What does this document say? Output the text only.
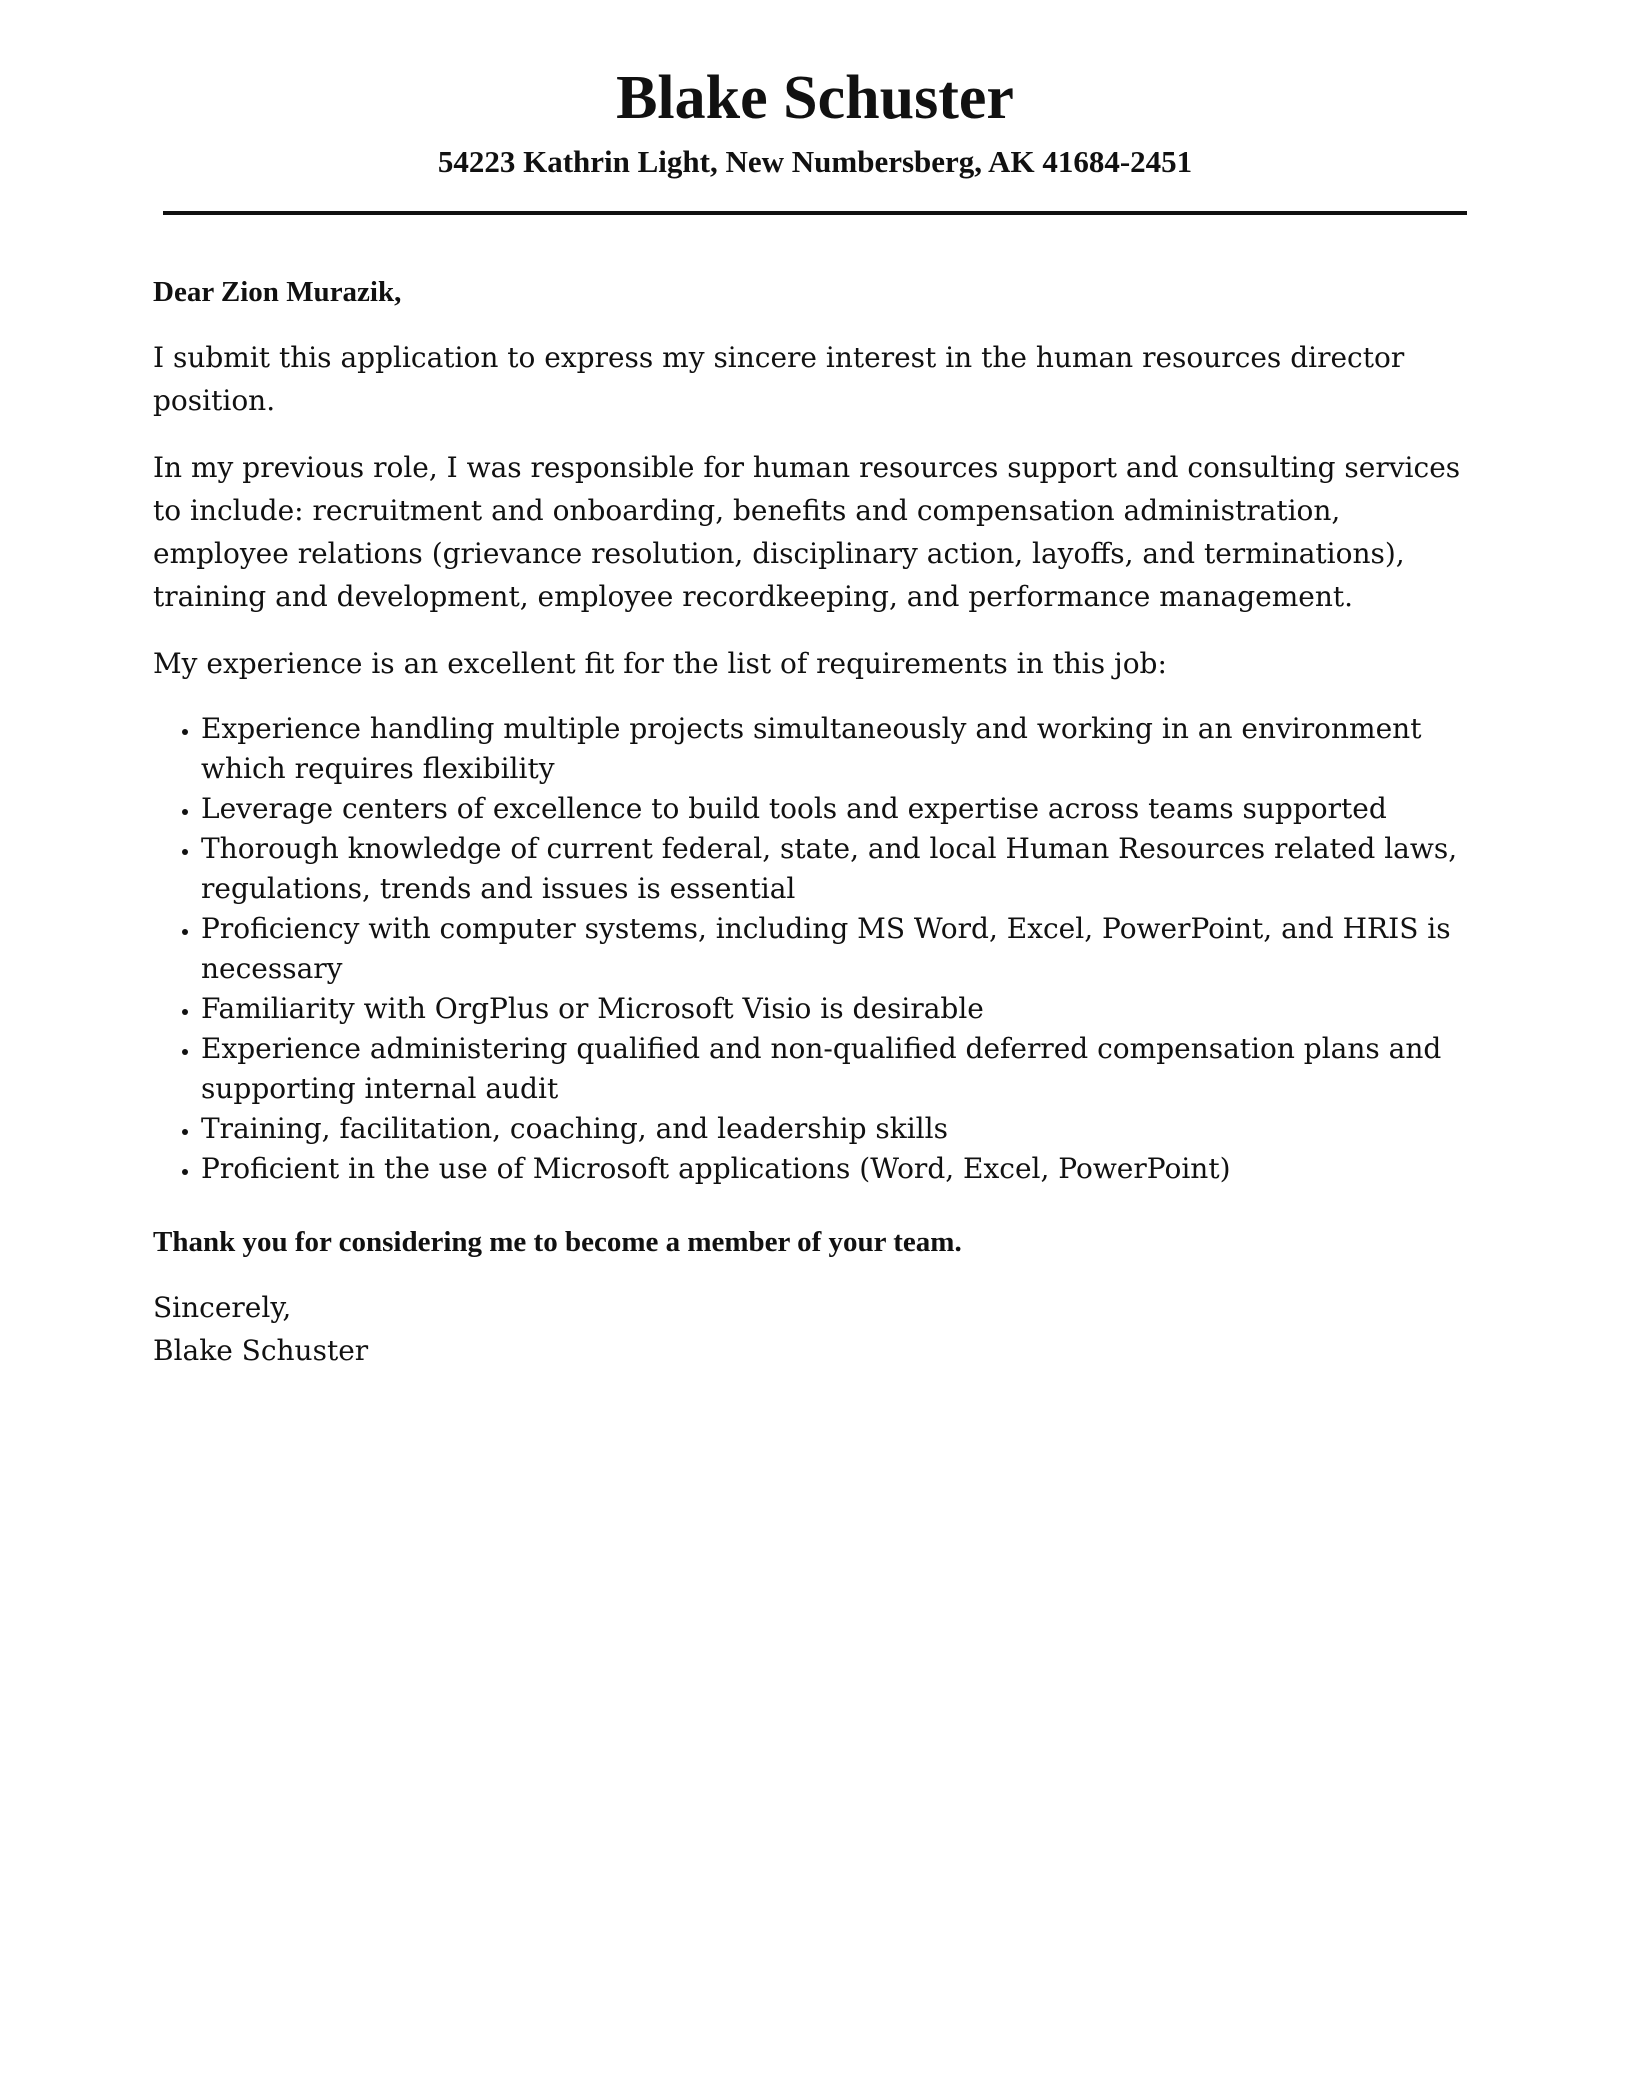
Blake Schuster
54223 Kathrin Light, New Numbersberg, AK 41684-2451
Dear Zion Murazik,

I submit this application to express my sincere interest in the human resources director position.

In my previous role, I was responsible for human resources support and consulting services to include: recruitment and onboarding, benefits and compensation administration, employee relations (grievance resolution, disciplinary action, layoffs, and terminations), training and development, employee recordkeeping, and performance management.

My experience is an excellent fit for the list of requirements in this job:

• Experience handling multiple projects simultaneously and working in an environment which requires flexibility
• Leverage centers of excellence to build tools and expertise across teams supported
• Thorough knowledge of current federal, state, and local Human Resources related laws, regulations, trends and issues is essential
• Proficiency with computer systems, including MS Word, Excel, PowerPoint, and HRIS is necessary
• Familiarity with OrgPlus or Microsoft Visio is desirable
• Experience administering qualified and non-qualified deferred compensation plans and supporting internal audit
• Training, facilitation, coaching, and leadership skills
• Proficient in the use of Microsoft applications (Word, Excel, PowerPoint)
Thank you for considering me to become a member of your team.
Sincerely,
Blake Schuster
